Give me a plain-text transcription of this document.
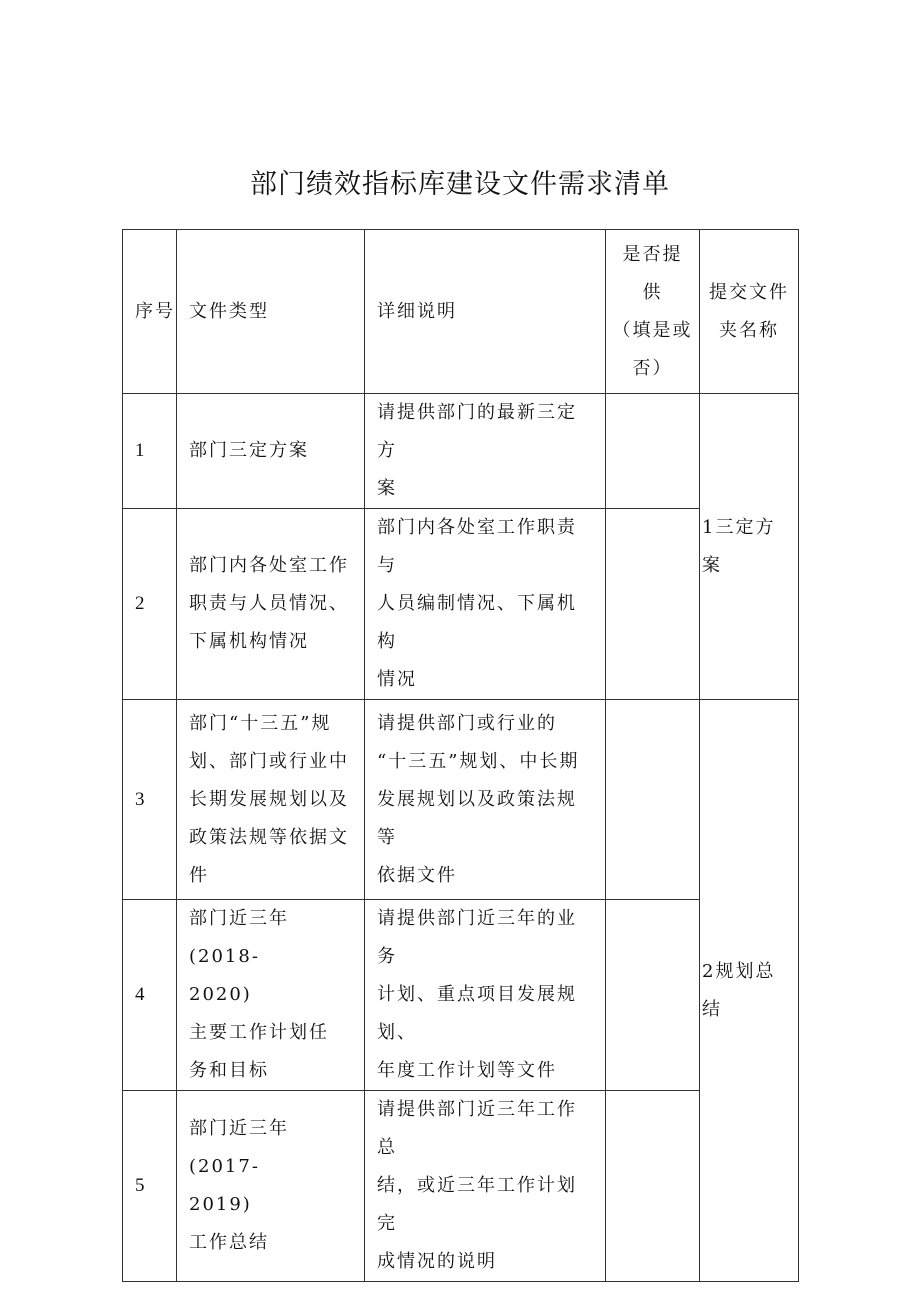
部门绩效指标库建设文件需求清单
序号	文件类型	详细说明	是否提
供
（填是或
否）	提交文件
夹名称
1	部门三定方案	请提供部门的最新三定方
案		1三定方
案
2	部门内各处室工作
职责与人员情况、
下属机构情况	部门内各处室工作职责与
人员编制情况、下属机构
情况		
3	部门“十三五”规
划、部门或行业中
长期发展规划以及
政策法规等依据文
件	请提供部门或行业的
“十三五”规划、中长期
发展规划以及政策法规等
依据文件		2规划总
结
4	部门近三年(2018-
2020)
主要工作计划任
务和目标	请提供部门近三年的业务
计划、重点项目发展规划、
年度工作计划等文件		
5	部门近三年(2017-
2019)
工作总结	请提供部门近三年工作总
结，或近三年工作计划完
成情况的说明		
